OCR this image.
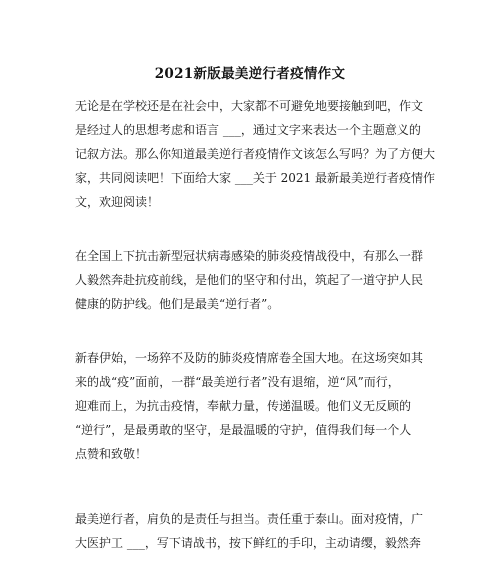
2021新版最美逆行者疫情作文
无论是在学校还是在社会中，大家都不可避免地要接触到吧，作文
是经过人的思想考虑和语言 ___，通过文字来表达一个主题意义的
记叙方法。那么你知道最美逆行者疫情作文该怎么写吗？为了方便大
家，共同阅读吧！下面给大家 ___关于 2021 最新最美逆行者疫情作
文，欢迎阅读！
在全国上下抗击新型冠状病毒感染的肺炎疫情战役中，有那么一群
人毅然奔赴抗疫前线，是他们的坚守和付出，筑起了一道守护人民
健康的防护线。他们是最美“逆行者”。
新春伊始，一场猝不及防的肺炎疫情席卷全国大地。在这场突如其
来的战“疫”面前，一群“最美逆行者”没有退缩，逆“风”而行，
迎难而上，为抗击疫情，奉献力量，传递温暖。他们义无反顾的
“逆行”，是最勇敢的坚守，是最温暖的守护，值得我们每一个人
点赞和致敬！
最美逆行者，肩负的是责任与担当。责任重于泰山。面对疫情，广
大医护工 ___，写下请战书，按下鲜红的手印，主动请缨，毅然奔
